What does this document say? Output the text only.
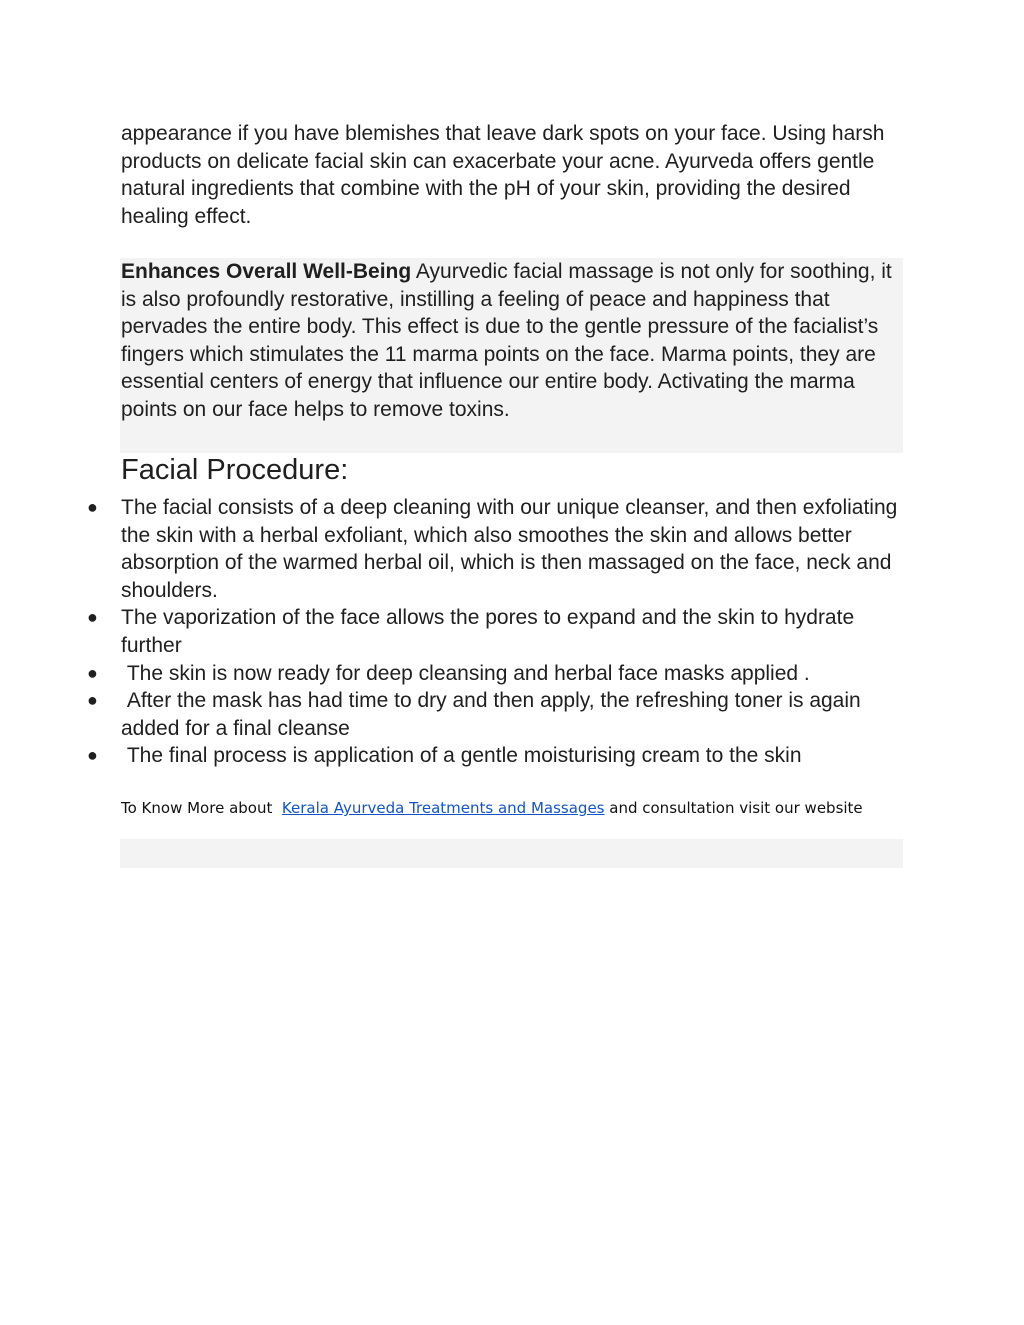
appearance if you have blemishes that leave dark spots on your face. Using harsh products on delicate facial skin can exacerbate your acne. Ayurveda offers gentle natural ingredients that combine with the pH of your skin, providing the desired healing effect.

Enhances Overall Well-Being Ayurvedic facial massage is not only for soothing, it is also profoundly restorative, instilling a feeling of peace and happiness that pervades the entire body. This effect is due to the gentle pressure of the facialist’s fingers which stimulates the 11 marma points on the face. Marma points, they are essential centers of energy that influence our entire body. Activating the marma points on our face helps to remove toxins.
Facial Procedure:
● The facial consists of a deep cleaning with our unique cleanser, and then exfoliating the skin with a herbal exfoliant, which also smoothes the skin and allows better absorption of the warmed herbal oil, which is then massaged on the face, neck and shoulders.
● The vaporization of the face allows the pores to expand and the skin to hydrate further
● The skin is now ready for deep cleansing and herbal face masks applied .
● After the mask has had time to dry and then apply, the refreshing toner is again added for a final cleanse
● The final process is application of a gentle moisturising cream to the skin
To Know More about  Kerala Ayurveda Treatments and Massages and consultation visit our website
